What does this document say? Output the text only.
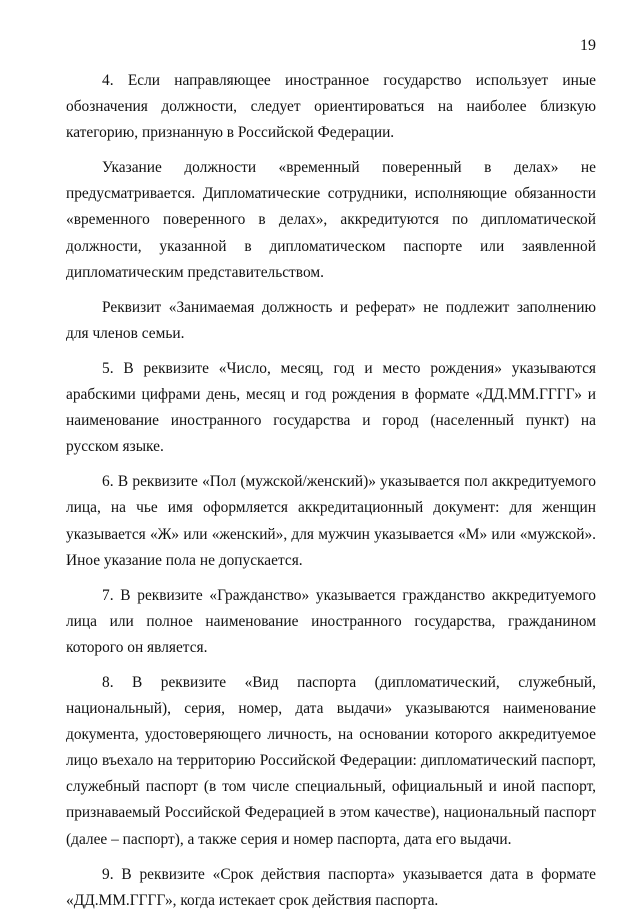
19

4. Если направляющее иностранное государство использует иные обозначения должности, следует ориентироваться на наиболее близкую категорию, признанную в Российской Федерации.

Указание должности «временный поверенный в делах» не предусматривается. Дипломатические сотрудники, исполняющие обязанности «временного поверенного в делах», аккредитуются по дипломатической должности, указанной в дипломатическом паспорте или заявленной дипломатическим представительством.

Реквизит «Занимаемая должность и реферат» не подлежит заполнению для членов семьи.

5. В реквизите «Число, месяц, год и место рождения» указываются арабскими цифрами день, месяц и год рождения в формате «ДД.ММ.ГГГГ» и наименование иностранного государства и город (населенный пункт) на русском языке.

6. В реквизите «Пол (мужской/женский)» указывается пол аккредитуемого лица, на чье имя оформляется аккредитационный документ: для женщин указывается «Ж» или «женский», для мужчин указывается «М» или «мужской». Иное указание пола не допускается.

7. В реквизите «Гражданство» указывается гражданство аккредитуемого лица или полное наименование иностранного государства, гражданином которого он является.

8. В реквизите «Вид паспорта (дипломатический, служебный, национальный), серия, номер, дата выдачи» указываются наименование документа, удостоверяющего личность, на основании которого аккредитуемое лицо въехало на территорию Российской Федерации: дипломатический паспорт, служебный паспорт (в том числе специальный, официальный и иной паспорт, признаваемый Российской Федерацией в этом качестве), национальный паспорт (далее – паспорт), а также серия и номер паспорта, дата его выдачи.

9. В реквизите «Срок действия паспорта» указывается дата в формате «ДД.ММ.ГГГГ», когда истекает срок действия паспорта.
